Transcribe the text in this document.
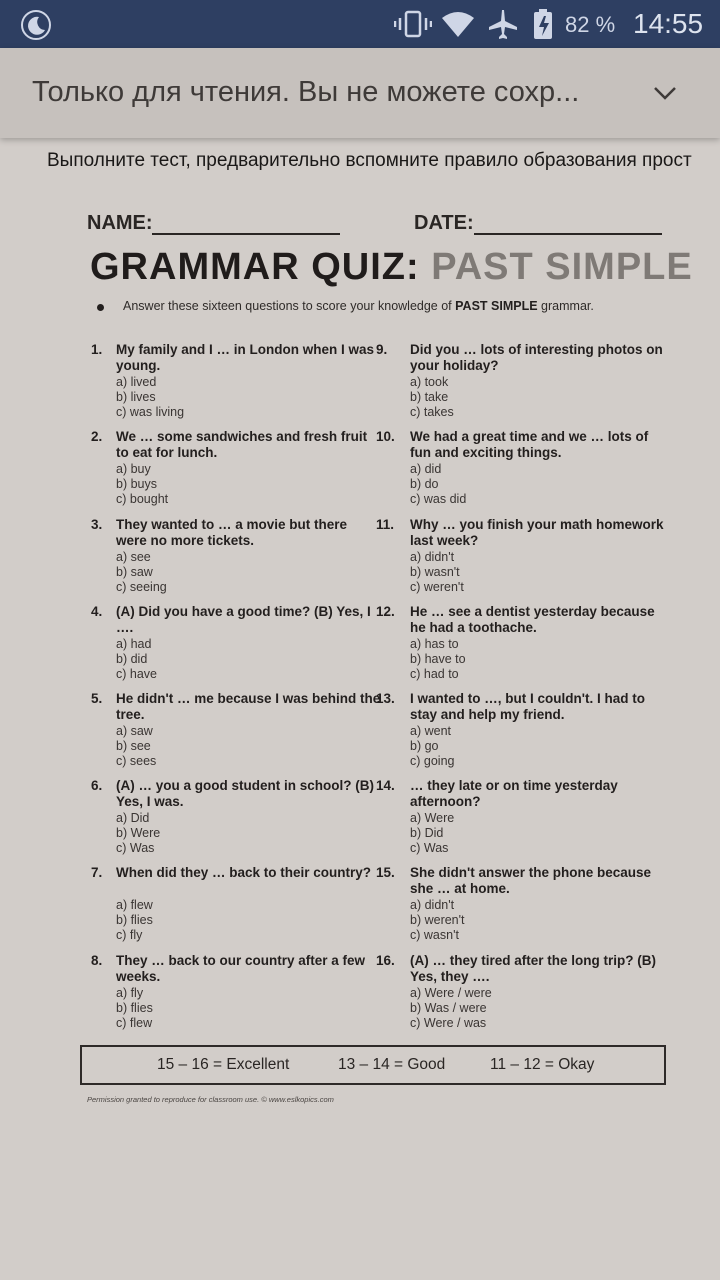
82 % 14:55
Только для чтения. Вы не можете сохр...
Выполните тест, предварительно вспомните правило образования прост
NAME:	DATE:
GRAMMAR QUIZ: PAST SIMPLE
Answer these sixteen questions to score your knowledge of PAST SIMPLE grammar.
1. My family and I … in London when I was young.
a) lived
b) lives
c) was living
2. We … some sandwiches and fresh fruit to eat for lunch.
a) buy
b) buys
c) bought
3. They wanted to … a movie but there were no more tickets.
a) see
b) saw
c) seeing
4. (A) Did you have a good time? (B) Yes, I ….
a) had
b) did
c) have
5. He didn't … me because I was behind the tree.
a) saw
b) see
c) sees
6. (A) … you a good student in school? (B) Yes, I was.
a) Did
b) Were
c) Was
7. When did they … back to their country?
a) flew
b) flies
c) fly
8. They … back to our country after a few weeks.
a) fly
b) flies
c) flew
9. Did you … lots of interesting photos on your holiday?
a) took
b) take
c) takes
10. We had a great time and we … lots of fun and exciting things.
a) did
b) do
c) was did
11. Why … you finish your math homework last week?
a) didn't
b) wasn't
c) weren't
12. He … see a dentist yesterday because he had a toothache.
a) has to
b) have to
c) had to
13. I wanted to …, but I couldn't. I had to stay and help my friend.
a) went
b) go
c) going
14. … they late or on time yesterday afternoon?
a) Were
b) Did
c) Was
15. She didn't answer the phone because she … at home.
a) didn't
b) weren't
c) wasn't
16. (A) … they tired after the long trip? (B) Yes, they ….
a) Were / were
b) Was / were
c) Were / was
15 – 16 = Excellent	13 – 14 = Good	11 – 12 = Okay
Permission granted to reproduce for classroom use. © www.eslkopics.com
